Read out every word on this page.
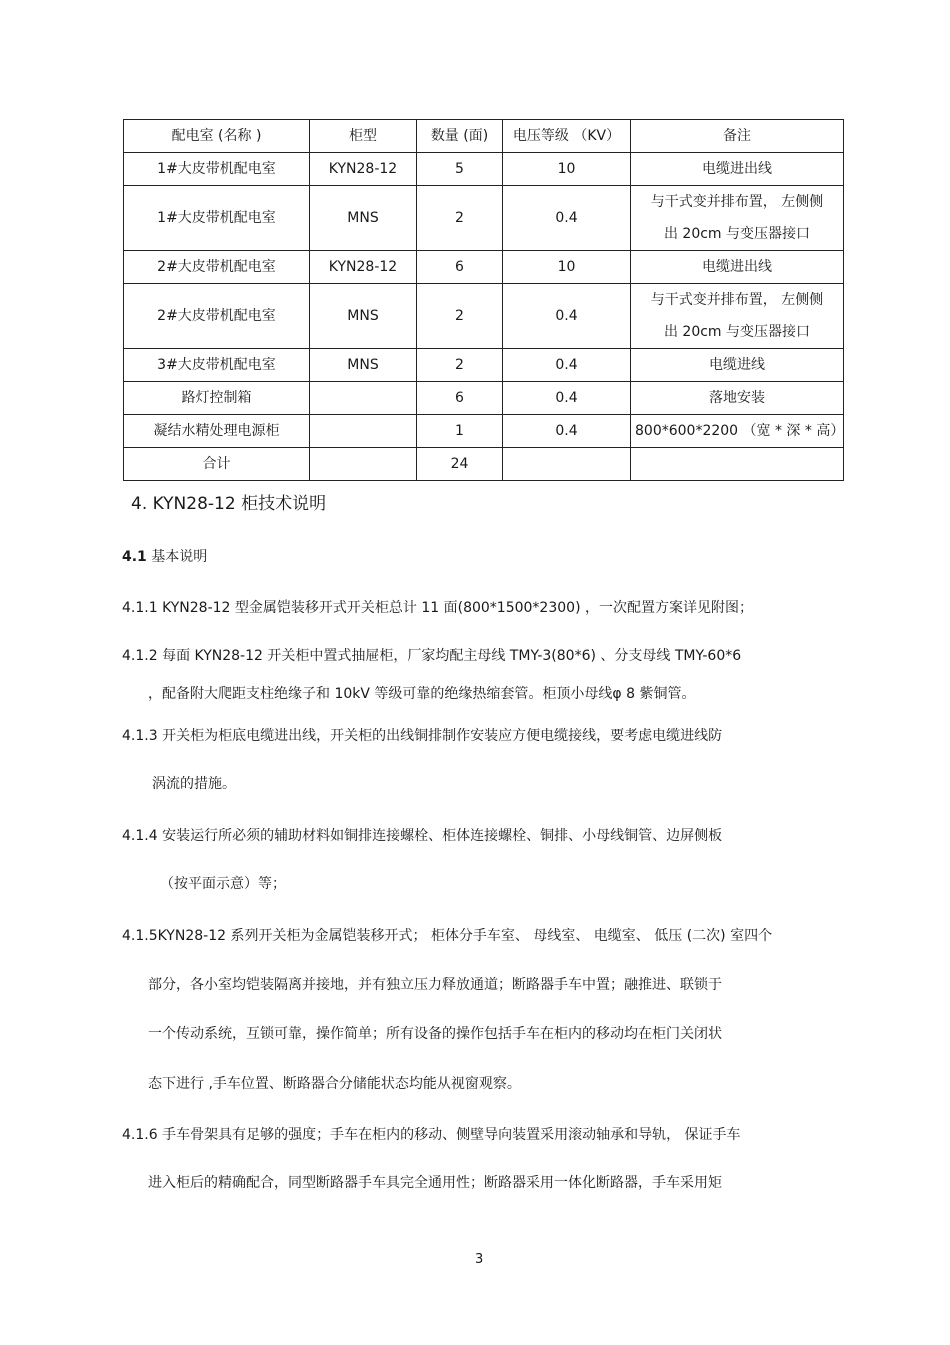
配电室 (名称 )	柜型	数量 (面)	电压等级 （KV）	备注
1#大皮带机配电室	KYN28-12	5	10	电缆进出线
1#大皮带机配电室	MNS	2	0.4	与干式变并排布置， 左侧侧
出 20cm 与变压器接口

2#大皮带机配电室	KYN28-12	6	10	电缆进出线
2#大皮带机配电室	MNS	2	0.4	与干式变并排布置， 左侧侧
出 20cm 与变压器接口

3#大皮带机配电室	MNS	2	0.4	电缆进线
路灯控制箱		6	0.4	落地安装
凝结水精处理电源柜		1	0.4	800*600*2200 （宽 * 深 * 高）
合计		24		
4. KYN28-12 柜技术说明

4.1 基本说明

4.1.1 KYN28-12 型金属铠装移开式开关柜总计 11 面(800*1500*2300) ，一次配置方案详见附图；

4.1.2 每面 KYN28-12 开关柜中置式抽屉柜，厂家均配主母线 TMY-3(80*6) 、分支母线 TMY-60*6

，配备附大爬距支柱绝缘子和 10kV 等级可靠的绝缘热缩套管。柜顶小母线φ 8 紫铜管。

4.1.3 开关柜为柜底电缆进出线，开关柜的出线铜排制作安装应方便电缆接线，要考虑电缆进线防

涡流的措施。

4.1.4 安装运行所必须的辅助材料如铜排连接螺栓、柜体连接螺栓、铜排、小母线铜管、边屏侧板

（按平面示意）等；

4.1.5KYN28-12 系列开关柜为金属铠装移开式； 柜体分手车室、 母线室、 电缆室、 低压 (二次) 室四个

部分，各小室均铠装隔离并接地，并有独立压力释放通道；断路器手车中置；融推进、联锁于

一个传动系统，互锁可靠，操作简单；所有设备的操作包括手车在柜内的移动均在柜门关闭状

态下进行 ,手车位置、断路器合分储能状态均能从视窗观察。

4.1.6 手车骨架具有足够的强度；手车在柜内的移动、侧壁导向装置采用滚动轴承和导轨， 保证手车

进入柜后的精确配合，同型断路器手车具完全通用性；断路器采用一体化断路器，手车采用矩

3
